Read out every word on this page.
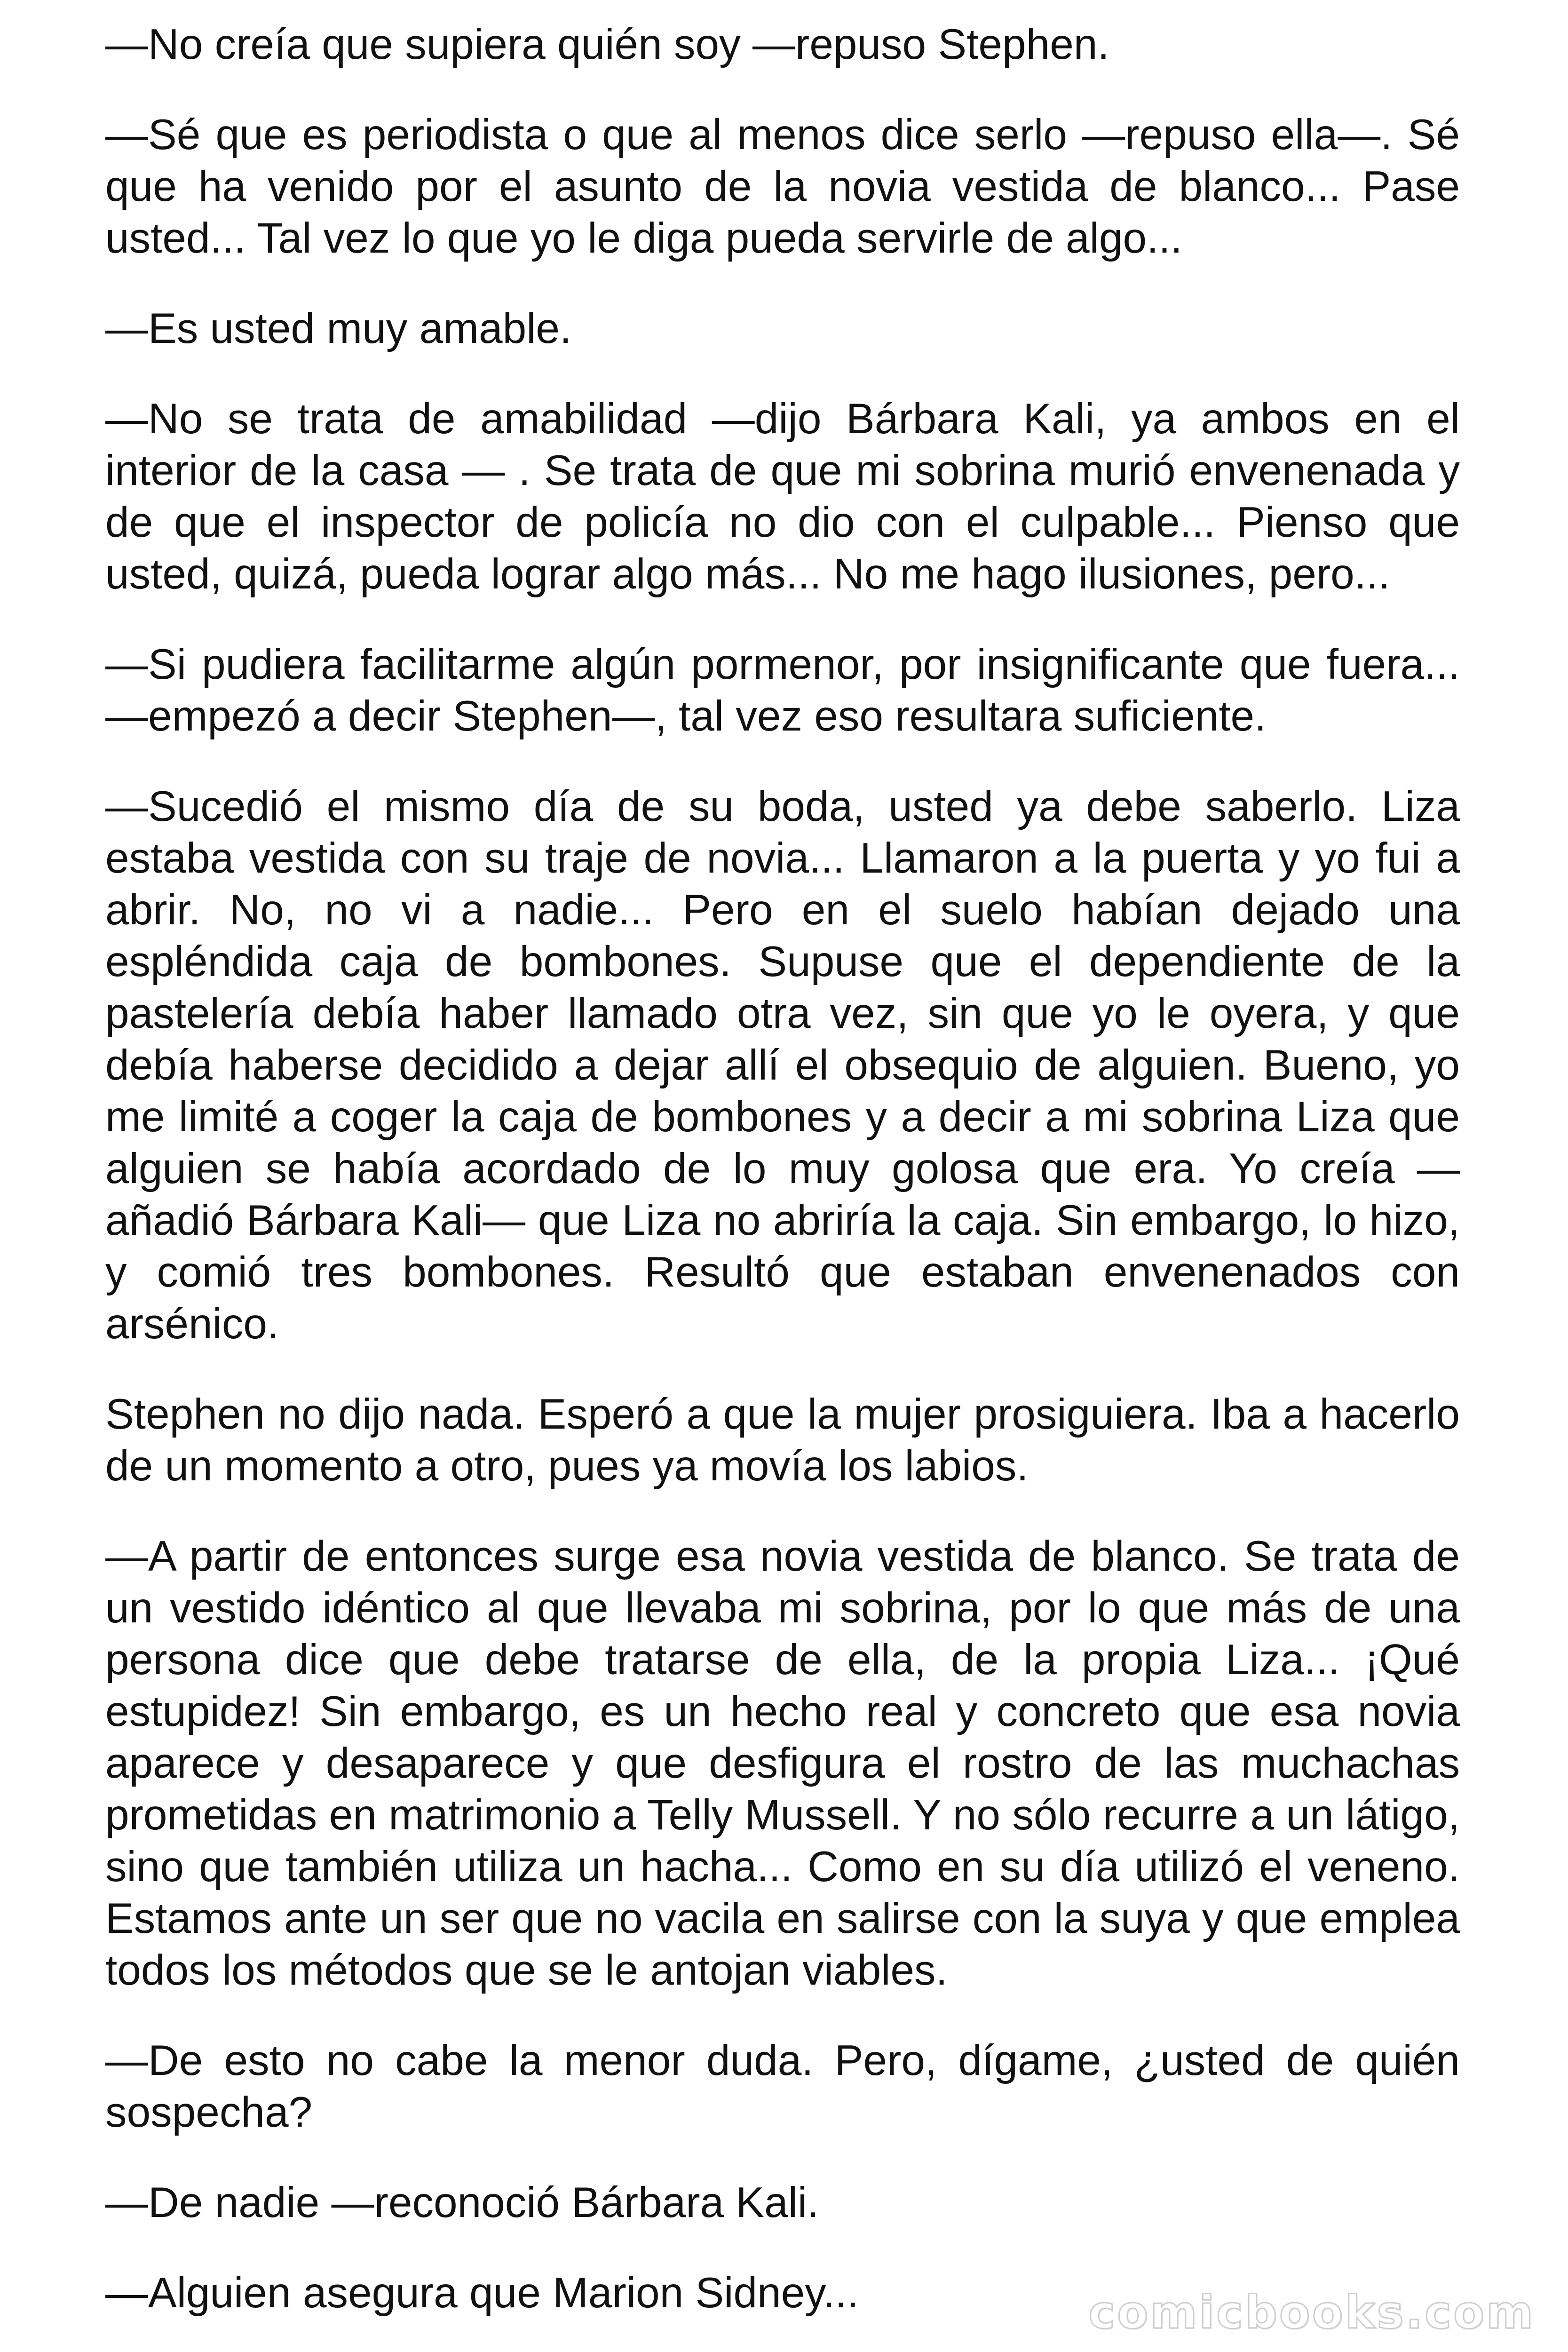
—No creía que supiera quién soy —repuso Stephen.

—Sé que es periodista o que al menos dice serlo —repuso ella—. Sé que ha venido por el asunto de la novia vestida de blanco... Pase usted... Tal vez lo que yo le diga pueda servirle de algo...

—Es usted muy amable.

—No se trata de amabilidad —dijo Bárbara Kali, ya ambos en el interior de la casa — . Se trata de que mi sobrina murió envenenada y de que el inspector de policía no dio con el culpable... Pienso que usted, quizá, pueda lograr algo más... No me hago ilusiones, pero...

—Si pudiera facilitarme algún pormenor, por insignificante que fuera... —empezó a decir Stephen—, tal vez eso resultara suficiente.

—Sucedió el mismo día de su boda, usted ya debe saberlo. Liza estaba vestida con su traje de novia... Llamaron a la puerta y yo fui a abrir. No, no vi a nadie... Pero en el suelo habían dejado una espléndida caja de bombones. Supuse que el dependiente de la pastelería debía haber llamado otra vez, sin que yo le oyera, y que debía haberse decidido a dejar allí el obsequio de alguien. Bueno, yo me limité a coger la caja de bombones y a decir a mi sobrina Liza que alguien se había acordado de lo muy golosa que era. Yo creía — añadió Bárbara Kali— que Liza no abriría la caja. Sin embargo, lo hizo, y comió tres bombones. Resultó que estaban envenenados con arsénico.

Stephen no dijo nada. Esperó a que la mujer prosiguiera. Iba a hacerlo de un momento a otro, pues ya movía los labios.

—A partir de entonces surge esa novia vestida de blanco. Se trata de un vestido idéntico al que llevaba mi sobrina, por lo que más de una persona dice que debe tratarse de ella, de la propia Liza... ¡Qué estupidez! Sin embargo, es un hecho real y concreto que esa novia aparece y desaparece y que desfigura el rostro de las muchachas prometidas en matrimonio a Telly Mussell. Y no sólo recurre a un látigo, sino que también utiliza un hacha... Como en su día utilizó el veneno. Estamos ante un ser que no vacila en salirse con la suya y que emplea todos los métodos que se le antojan viables.

—De esto no cabe la menor duda. Pero, dígame, ¿usted de quién sospecha?

—De nadie —reconoció Bárbara Kali.

—Alguien asegura que Marion Sidney...	comicbooks.com
